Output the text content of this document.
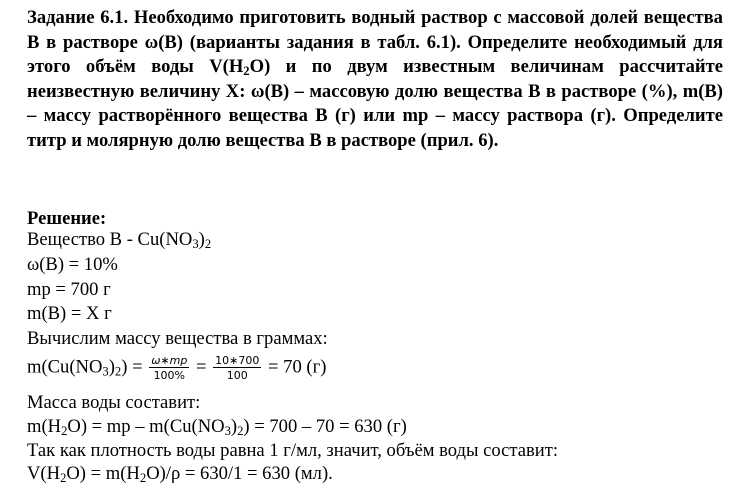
Задание 6.1. Необходимо приготовить водный раствор с массовой долей вещества В в растворе ω(В) (варианты задания в табл. 6.1). Определите необходимый для этого объём воды $V(H_2O)$ и по двум известным величинам рассчитайте неизвестную величину Х: ω(В) – массовую долю вещества В в растворе (%), m(В) – массу растворённого вещества В (г) или mр – массу раствора (г). Определите титр и молярную долю вещества В в растворе (прил. 6).
Решение:
Вещество В - $Cu(NO_3)_2$
ω(В) = 10%
mр = 700 г
m(В) = Х г
Вычислим массу вещества в граммах:
$m(Cu(NO_3)_2) = \frac{\omega∗mр}{100\%} = \frac{10∗700}{100} = 70$ (г)
Масса воды составит:
$m(H_2O)$ = mр – $m(Cu(NO_3)_2) = 700 - 70 = 630$ (г)
Так как плотность воды равна 1 г/мл, значит, объём воды составит:
$V(H_2O) = m(H_2O)/\rho = 630/1 = 630$ (мл).
